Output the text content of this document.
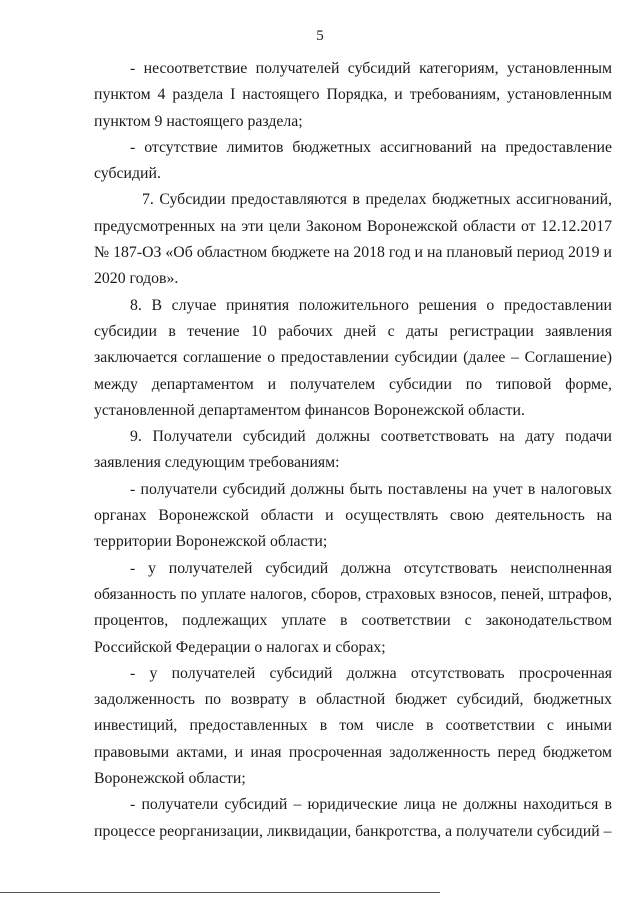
5

- несоответствие получателей субсидий категориям, установленным пунктом 4 раздела I настоящего Порядка, и требованиям, установленным пунктом 9 настоящего раздела;

- отсутствие лимитов бюджетных ассигнований на предоставление субсидий.

7. Субсидии предоставляются в пределах бюджетных ассигнований, предусмотренных на эти цели Законом Воронежской области от 12.12.2017 № 187-ОЗ «Об областном бюджете на 2018 год и на плановый период 2019 и 2020 годов».

8. В случае принятия положительного решения о предоставлении субсидии в течение 10 рабочих дней с даты регистрации заявления заключается соглашение о предоставлении субсидии (далее – Соглашение) между департаментом и получателем субсидии по типовой форме, установленной департаментом финансов Воронежской области.

9. Получатели субсидий должны соответствовать на дату подачи заявления следующим требованиям:

- получатели субсидий должны быть поставлены на учет в налоговых органах Воронежской области и осуществлять свою деятельность на территории Воронежской области;

- у получателей субсидий должна отсутствовать неисполненная обязанность по уплате налогов, сборов, страховых взносов, пеней, штрафов, процентов, подлежащих уплате в соответствии с законодательством Российской Федерации о налогах и сборах;

- у получателей субсидий должна отсутствовать просроченная задолженность по возврату в областной бюджет субсидий, бюджетных инвестиций, предоставленных в том числе в соответствии с иными правовыми актами, и иная просроченная задолженность перед бюджетом Воронежской области;

- получатели субсидий – юридические лица не должны находиться в процессе реорганизации, ликвидации, банкротства, а получатели субсидий –
